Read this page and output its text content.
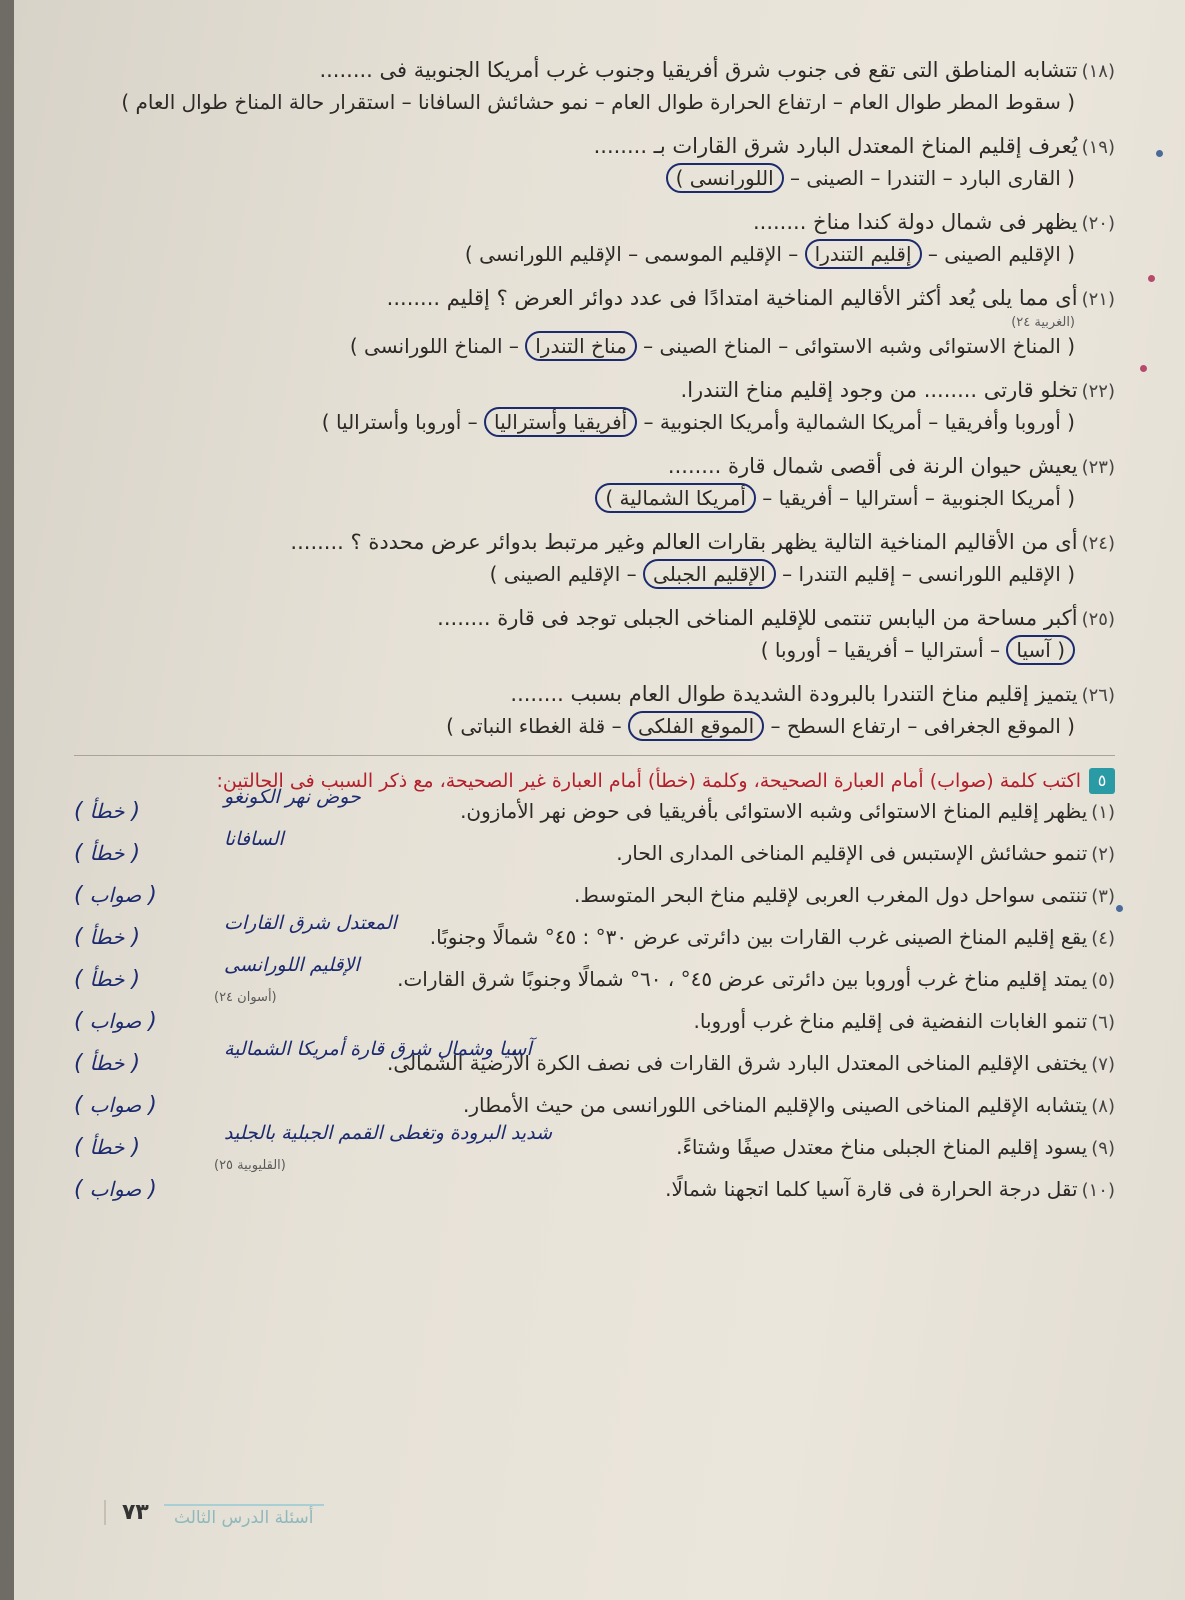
(١٨)تتشابه المناطق التى تقع فى جنوب شرق أفريقيا وجنوب غرب أمريكا الجنوبية فى ........
( سقوط المطر طوال العام – ارتفاع الحرارة طوال العام – نمو حشائش السافانا – استقرار حالة المناخ طوال العام )
(١٩)يُعرف إقليم المناخ المعتدل البارد شرق القارات بـ ........
( القارى البارد – التندرا – الصينى – اللورانسى )
(٢٠)يظهر فى شمال دولة كندا مناخ ........
( الإقليم الصينى – إقليم التندرا – الإقليم الموسمى – الإقليم اللورانسى )
(٢١)أى مما يلى يُعد أكثر الأقاليم المناخية امتدادًا فى عدد دوائر العرض ؟ إقليم ........
(الغربية ٢٤)
( المناخ الاستوائى وشبه الاستوائى – المناخ الصينى – مناخ التندرا – المناخ اللورانسى )
(٢٢)تخلو قارتى ........ من وجود إقليم مناخ التندرا.
( أوروبا وأفريقيا – أمريكا الشمالية وأمريكا الجنوبية – أفريقيا وأستراليا – أوروبا وأستراليا )
(٢٣)يعيش حيوان الرنة فى أقصى شمال قارة ........
( أمريكا الجنوبية – أستراليا – أفريقيا – أمريكا الشمالية )
(٢٤)أى من الأقاليم المناخية التالية يظهر بقارات العالم وغير مرتبط بدوائر عرض محددة ؟ ........
( الإقليم اللورانسى – إقليم التندرا – الإقليم الجبلى – الإقليم الصينى )
(٢٥)أكبر مساحة من اليابس تنتمى للإقليم المناخى الجبلى توجد فى قارة ........
( آسيا – أستراليا – أفريقيا – أوروبا )
(٢٦)يتميز إقليم مناخ التندرا بالبرودة الشديدة طوال العام بسبب ........
( الموقع الجغرافى – ارتفاع السطح – الموقع الفلكى – قلة الغطاء النباتى )
٥
اكتب كلمة (صواب) أمام العبارة الصحيحة، وكلمة (خطأ) أمام العبارة غير الصحيحة، مع ذكر السبب فى الحالتين:
(١)يظهر إقليم المناخ الاستوائى وشبه الاستوائى بأفريقيا فى حوض نهر الأمازون.
( خطأ )
حوض نهر الكونغو
(٢)تنمو حشائش الإستبس فى الإقليم المناخى المدارى الحار.
( خطأ )
السافانا
(٣)تنتمى سواحل دول المغرب العربى لإقليم مناخ البحر المتوسط.
( صواب )
(٤)يقع إقليم المناخ الصينى غرب القارات بين دائرتى عرض ٣٠° : ٤٥° شمالًا وجنوبًا.
( خطأ )
المعتدل شرق القارات
(٥)يمتد إقليم مناخ غرب أوروبا بين دائرتى عرض ٤٥° ، ٦٠° شمالًا وجنوبًا شرق القارات.
( خطأ )
الإقليم اللورانسى
(أسوان ٢٤)
(٦)تنمو الغابات النفضية فى إقليم مناخ غرب أوروبا.
( صواب )
(٧)يختفى الإقليم المناخى المعتدل البارد شرق القارات فى نصف الكرة الأرضية الشمالى.
( خطأ )
آسيا وشمال شرق قارة أمريكا الشمالية
(٨)يتشابه الإقليم المناخى الصينى والإقليم المناخى اللورانسى من حيث الأمطار.
( صواب )
(٩)يسود إقليم المناخ الجبلى مناخ معتدل صيفًا وشتاءً.
( خطأ )
شديد البرودة وتغطى القمم الجبلية بالجليد
(القليوبية ٢٥)
(١٠)تقل درجة الحرارة فى قارة آسيا كلما اتجهنا شمالًا.
( صواب )
٧٣	أسئلة الدرس الثالث
